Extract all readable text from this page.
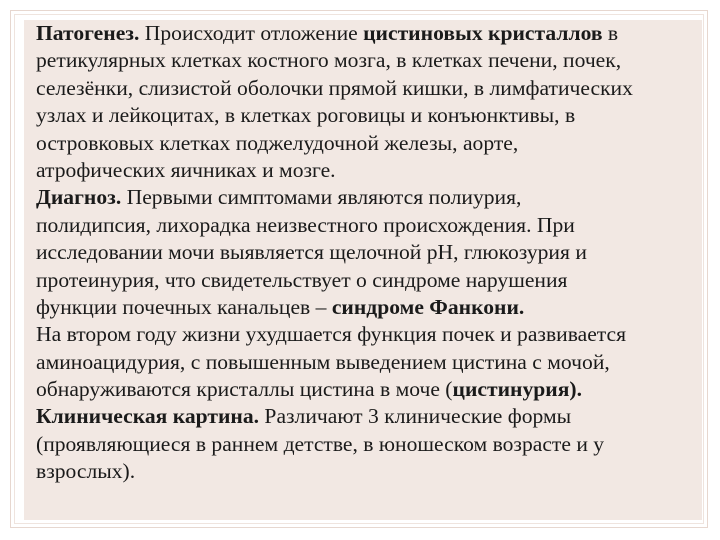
Патогенез. Происходит отложение цистиновых кристаллов в
ретикулярных клетках костного мозга, в клетках печени, почек,
селезёнки, слизистой оболочки прямой кишки, в лимфатических
узлах и лейкоцитах, в клетках роговицы и конъюнктивы, в
островковых клетках поджелудочной железы, аорте,
атрофических яичниках и мозге.
Диагноз. Первыми симптомами являются полиурия,
полидипсия, лихорадка неизвестного происхождения. При
исследовании мочи выявляется щелочной рН, глюкозурия и
протеинурия, что свидетельствует о синдроме нарушения
функции почечных канальцев – синдроме Фанкони.
На втором году жизни ухудшается функция почек и развивается
аминоацидурия, с повышенным выведением цистина с мочой,
обнаруживаются кристаллы цистина в моче (цистинурия).
Клиническая картина. Различают 3 клинические формы
(проявляющиеся в раннем детстве, в юношеском возрасте и у
взрослых).
